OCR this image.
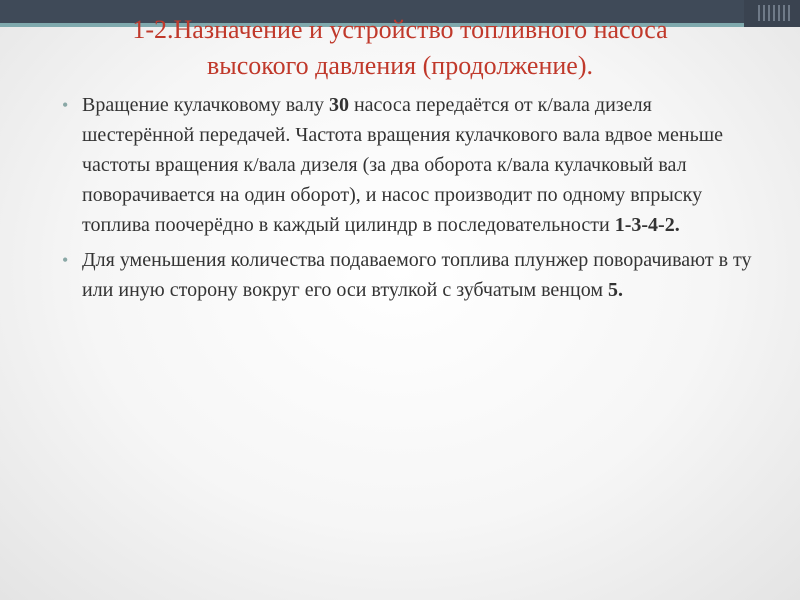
1-2.Назначение и устройство топливного насоса
высокого давления (продолжение).
• Вращение кулачковому валу 30 насоса передаётся от к/вала дизеля шестерённой передачей. Частота вращения кулачкового вала вдвое меньше частоты вращения к/вала дизеля (за два оборота к/вала кулачковый вал поворачивается на один оборот), и насос производит по одному впрыску топлива поочерёдно в каждый цилиндр в последовательности 1-3-4-2.
• Для уменьшения количества подаваемого топлива плунжер поворачивают в ту или иную сторону вокруг его оси втулкой с зубчатым венцом 5.
